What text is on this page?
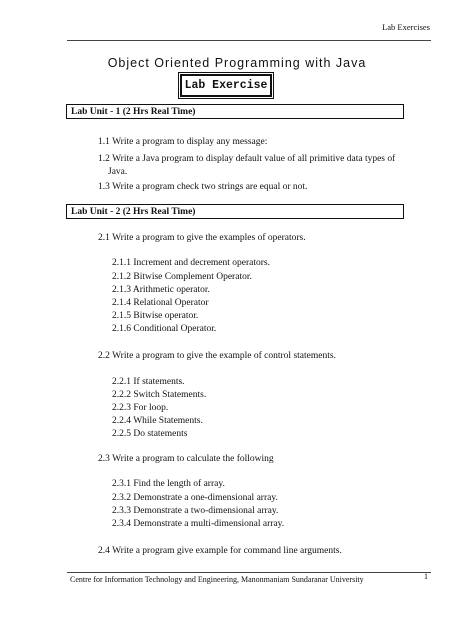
Lab Exercises
Object Oriented Programming with Java
Lab Exercise
Lab Unit - 1 (2 Hrs Real Time)
1.1 Write a program to display any message:
1.2 Write a Java program to display default value of all primitive data types of
Java.
1.3 Write a program check two strings are equal or not.
Lab Unit - 2 (2 Hrs Real Time)
2.1 Write a program to give the examples of operators.
2.1.1 Increment and decrement operators.
2.1.2 Bitwise Complement Operator.
2.1.3 Arithmetic operator.
2.1.4 Relational Operator
2.1.5 Bitwise operator.
2.1.6 Conditional Operator.
2.2 Write a program to give the example of control statements.
2.2.1 If statements.
2.2.2 Switch Statements.
2.2.3 For loop.
2.2.4 While Statements.
2.2.5 Do statements
2.3 Write a program to calculate the following
2.3.1 Find the length of array.
2.3.2 Demonstrate a one-dimensional array.
2.3.3 Demonstrate a two-dimensional array.
2.3.4 Demonstrate a multi-dimensional array.
2.4 Write a program give example for command line arguments.
Centre for Information Technology and Engineering, Manonmaniam Sundaranar University	1
